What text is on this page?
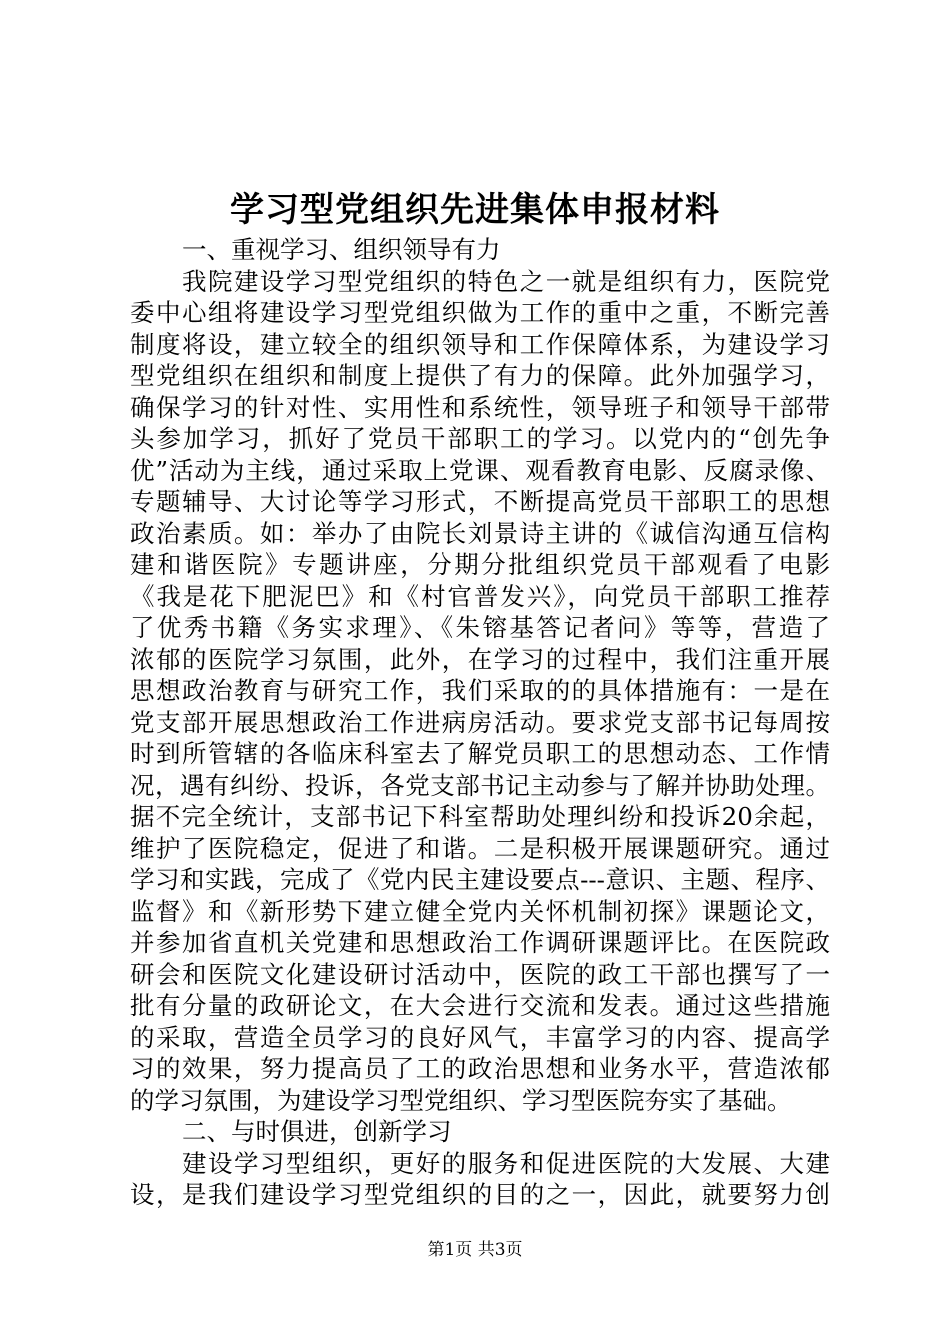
学习型党组织先进集体申报材料
一、重视学习、组织领导有力
我院建设学习型党组织的特色之一就是组织有力，医院党
委中心组将建设学习型党组织做为工作的重中之重，不断完善
制度将设，建立较全的组织领导和工作保障体系，为建设学习
型党组织在组织和制度上提供了有力的保障。此外加强学习，
确保学习的针对性、实用性和系统性，领导班子和领导干部带
头参加学习，抓好了党员干部职工的学习。以党内的“创先争
优”活动为主线，通过采取上党课、观看教育电影、反腐录像、
专题辅导、大讨论等学习形式，不断提高党员干部职工的思想
政治素质。如：举办了由院长刘景诗主讲的《诚信沟通互信构
建和谐医院》专题讲座，分期分批组织党员干部观看了电影
《我是花下肥泥巴》和《村官普发兴》，向党员干部职工推荐
了优秀书籍《务实求理》、《朱镕基答记者问》等等，营造了
浓郁的医院学习氛围，此外，在学习的过程中，我们注重开展
思想政治教育与研究工作，我们采取的的具体措施有：一是在
党支部开展思想政治工作进病房活动。要求党支部书记每周按
时到所管辖的各临床科室去了解党员职工的思想动态、工作情
况，遇有纠纷、投诉，各党支部书记主动参与了解并协助处理。
据不完全统计，支部书记下科室帮助处理纠纷和投诉20余起，
维护了医院稳定，促进了和谐。二是积极开展课题研究。通过
学习和实践，完成了《党内民主建设要点---意识、主题、程序、
监督》和《新形势下建立健全党内关怀机制初探》课题论文，
并参加省直机关党建和思想政治工作调研课题评比。在医院政
研会和医院文化建设研讨活动中，医院的政工干部也撰写了一
批有分量的政研论文，在大会进行交流和发表。通过这些措施
的采取，营造全员学习的良好风气，丰富学习的内容、提高学
习的效果，努力提高员了工的政治思想和业务水平，营造浓郁
的学习氛围，为建设学习型党组织、学习型医院夯实了基础。
二、与时俱进，创新学习
建设学习型组织，更好的服务和促进医院的大发展、大建
设，是我们建设学习型党组织的目的之一，因此，就要努力创
第1页 共3页
